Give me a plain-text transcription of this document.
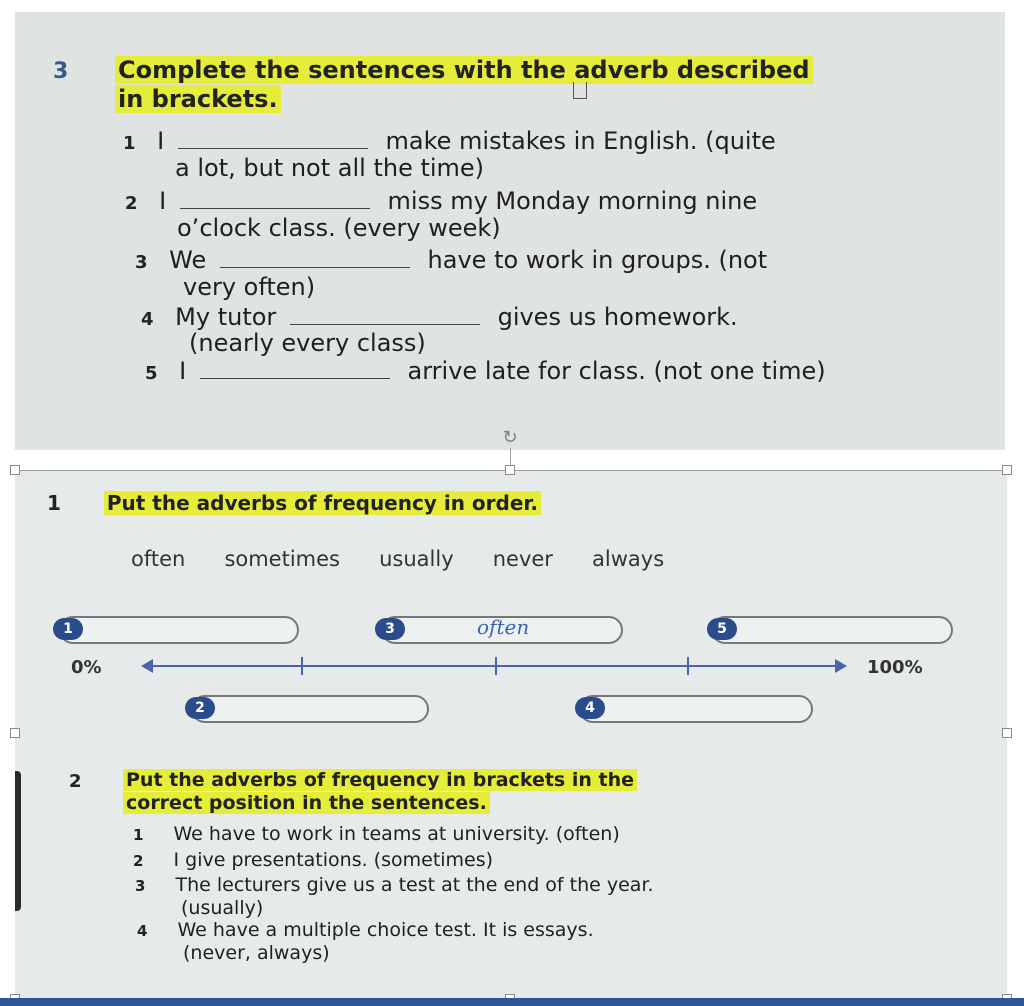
3 Complete the sentences with the adverb described
in brackets.
1 I	make mistakes in English. (quite
a lot, but not all the time)
2 I	miss my Monday morning nine
o’clock class. (every week)
3 We	have to work in groups. (not
very often)
4 My tutor	gives us homework.
(nearly every class)
5 I	arrive late for class. (not one time)
↻
1 Put the adverbs of frequency in order.
often sometimes usually never always
1	3	often	5
0%	100%
2	4
2 Put the adverbs of frequency in brackets in the
correct position in the sentences.
1 We have to work in teams at university. (often)
2 I give presentations. (sometimes)
3 The lecturers give us a test at the end of the year.
(usually)
4 We have a multiple choice test. It is essays.
(never, always)
